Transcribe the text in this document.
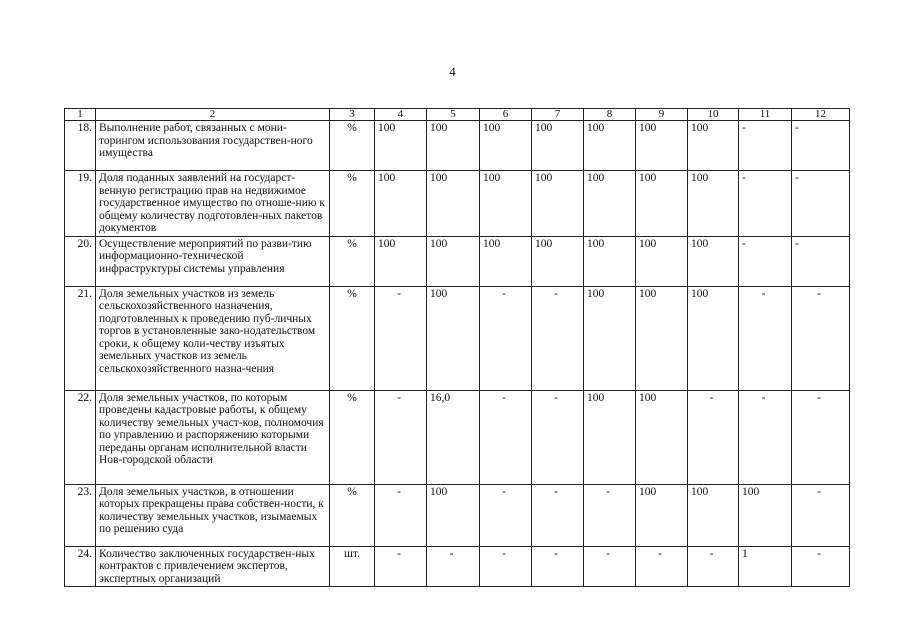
4
1	2	3	4	5	6	7	8	9	10	11	12
18.	Выполнение работ, связанных с мони-торингом использования государствен-ного имущества	%	100	100	100	100	100	100	100	-	-
19.	Доля поданных заявлений на государст-венную регистрацию прав на недвижимое государственное имущество по отноше-нию к общему количеству подготовлен-ных пакетов документов	%	100	100	100	100	100	100	100	-	-
20.	Осуществление мероприятий по разви-тию информационно-технической инфраструктуры системы управления	%	100	100	100	100	100	100	100	-	-
21.	Доля земельных участков из земель сельскохозяйственного назначения, подготовленных к проведению пуб-личных торгов в установленные зако-нодательством сроки, к общему коли-честву изъятых земельных участков из земель сельскохозяйственного назна-чения	%	-	100	-	-	100	100	100	-	-
22.	Доля земельных участков, по которым проведены кадастровые работы, к общему количеству земельных участ-ков, полномочия по управлению и распоряжению которыми переданы органам исполнительной власти Нов-городской области	%	-	16,0	-	-	100	100	-	-	-
23.	Доля земельных участков, в отношении которых прекращены права собствен-ности, к количеству земельных участков, изымаемых по решению суда	%	-	100	-	-	-	100	100	100	-
24.	Количество заключенных государствен-ных контрактов с привлечением экспертов, экспертных организаций	шт.	-	-	-	-	-	-	-	1	-
